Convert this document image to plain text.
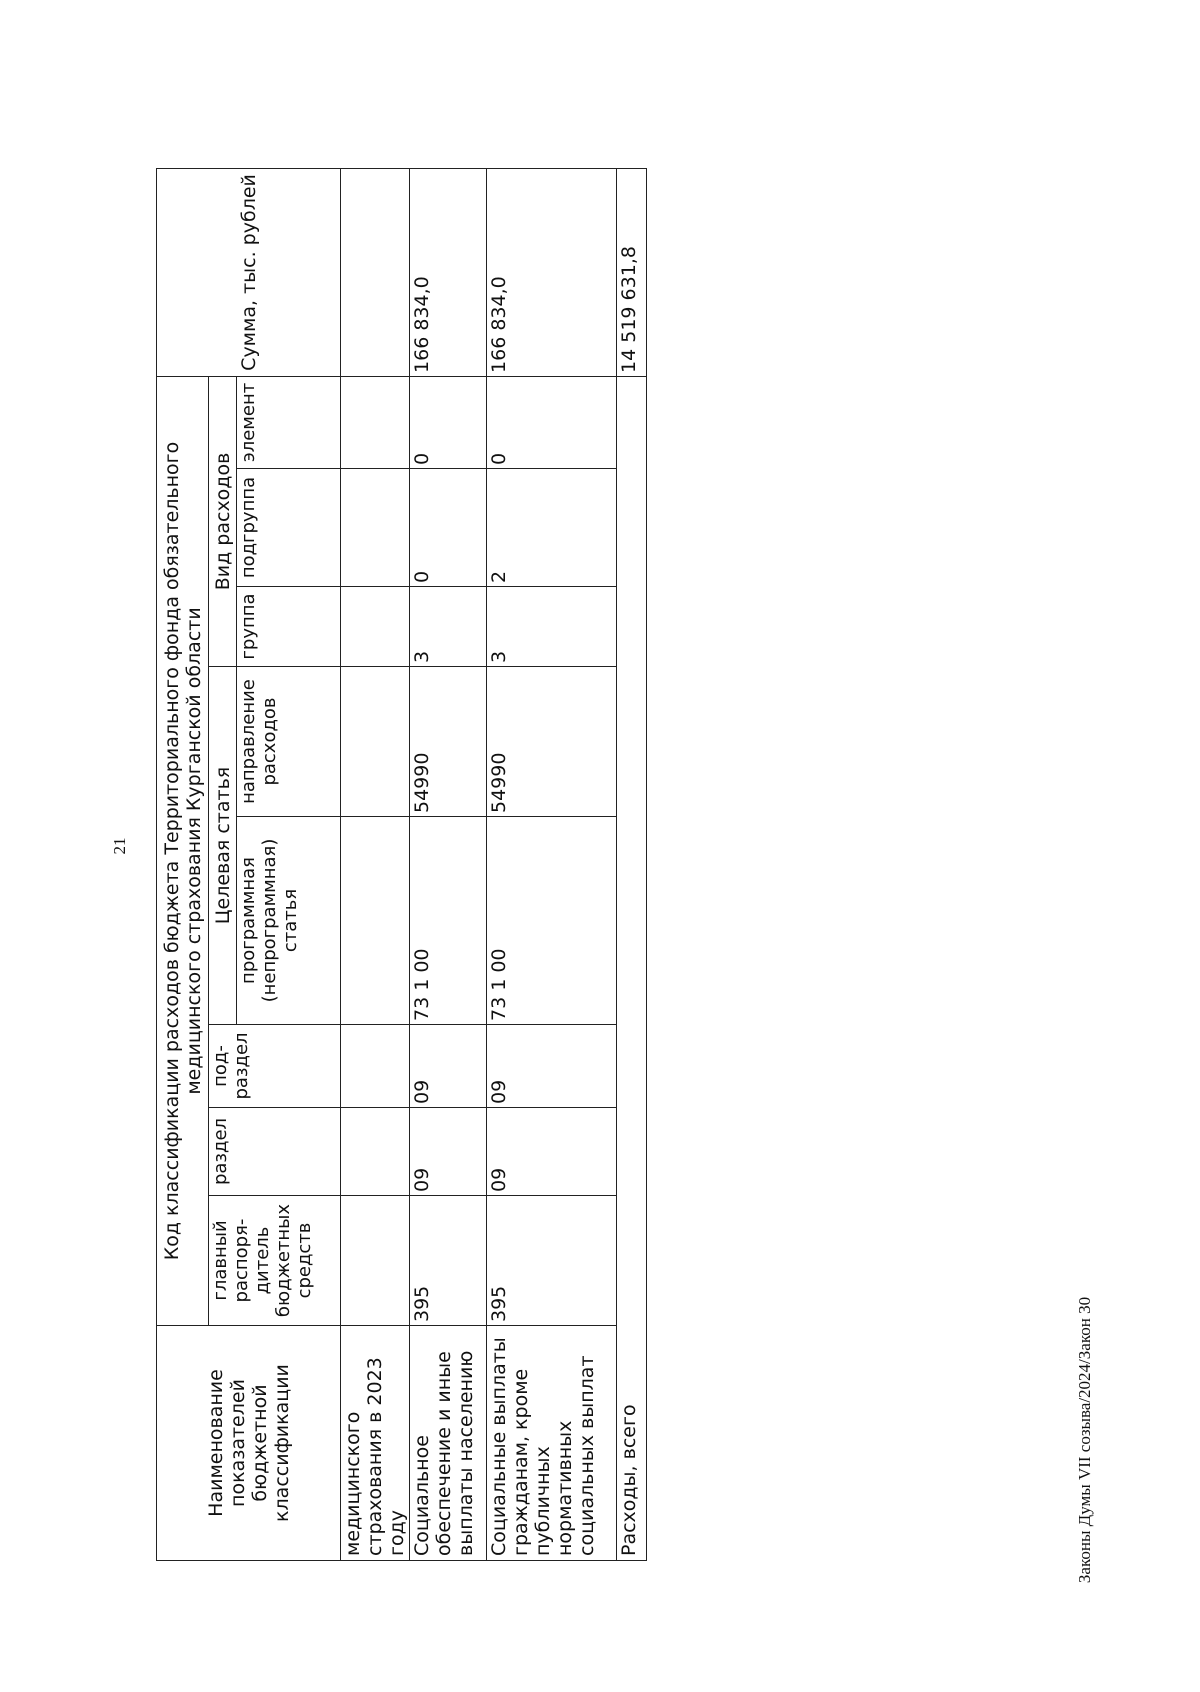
21
Наименование показателей бюджетной классификации	Код классификации расходов бюджета Территориального фонда обязательного медицинского страхования Курганской области								Сумма, тыс. рублей
	главный распоря-дитель бюджетных средств	раздел	под-раздел	Целевая статья		Вид расходов			
				программная (непрограммная) статья	направление расходов	группа	подгруппа	элемент	
медицинского страхования в 2023 году									
Социальное обеспечение и иные выплаты населению	395	09	09	73 1 00	54990	3	0	0	166 834,0
Социальные выплаты гражданам, кроме публичных нормативных социальных выплат	395	09	09	73 1 00	54990	3	2	0	166 834,0
Расходы, всего									14 519 631,8
Законы Думы VII созыва/2024/Закон 30
